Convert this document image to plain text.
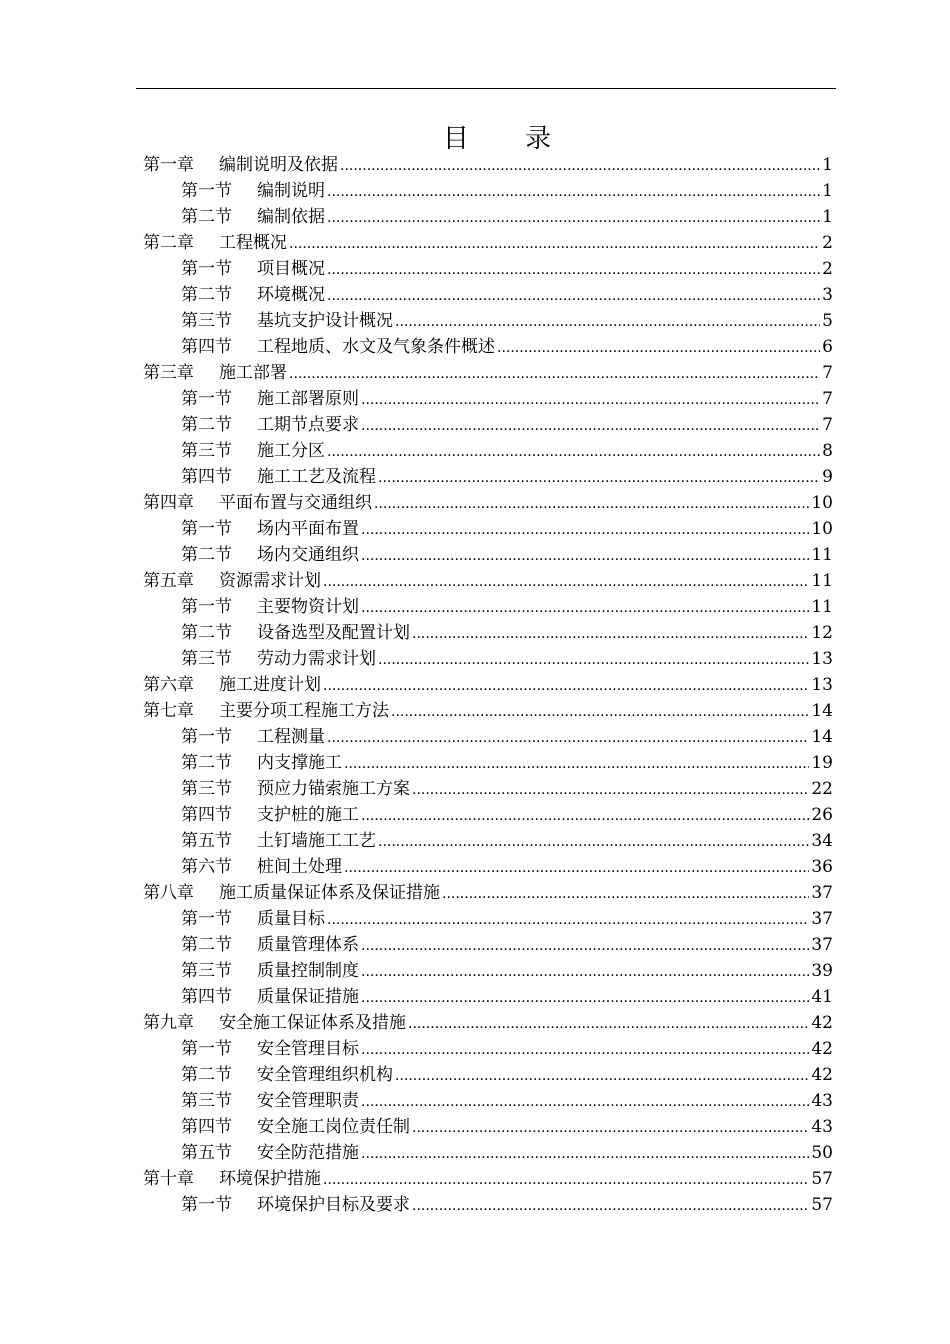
目 录
第一章	编制说明及依据 .....	1
第一节	编制说明 .....	1
第二节	编制依据 .....	1
第二章	工程概况 .....	2
第一节	项目概况 .....	2
第二节	环境概况 .....	3
第三节	基坑支护设计概况 .....	5
第四节	工程地质、水文及气象条件概述 .....	6
第三章	施工部署 .....	7
第一节	施工部署原则 .....	7
第二节	工期节点要求 .....	7
第三节	施工分区 .....	8
第四节	施工工艺及流程 .....	9
第四章	平面布置与交通组织 .....	10
第一节	场内平面布置 .....	10
第二节	场内交通组织 .....	11
第五章	资源需求计划 .....	11
第一节	主要物资计划 .....	11
第二节	设备选型及配置计划 .....	12
第三节	劳动力需求计划 .....	13
第六章	施工进度计划 .....	13
第七章	主要分项工程施工方法 .....	14
第一节	工程测量 .....	14
第二节	内支撑施工 .....	19
第三节	预应力锚索施工方案 .....	22
第四节	支护桩的施工 .....	26
第五节	土钉墙施工工艺 .....	34
第六节	桩间土处理 .....	36
第八章	施工质量保证体系及保证措施 .....	37
第一节	质量目标 .....	37
第二节	质量管理体系 .....	37
第三节	质量控制制度 .....	39
第四节	质量保证措施 .....	41
第九章	安全施工保证体系及措施 .....	42
第一节	安全管理目标 .....	42
第二节	安全管理组织机构 .....	42
第三节	安全管理职责 .....	43
第四节	安全施工岗位责任制 .....	43
第五节	安全防范措施 .....	50
第十章	环境保护措施 .....	57
第一节	环境保护目标及要求 .....	57
